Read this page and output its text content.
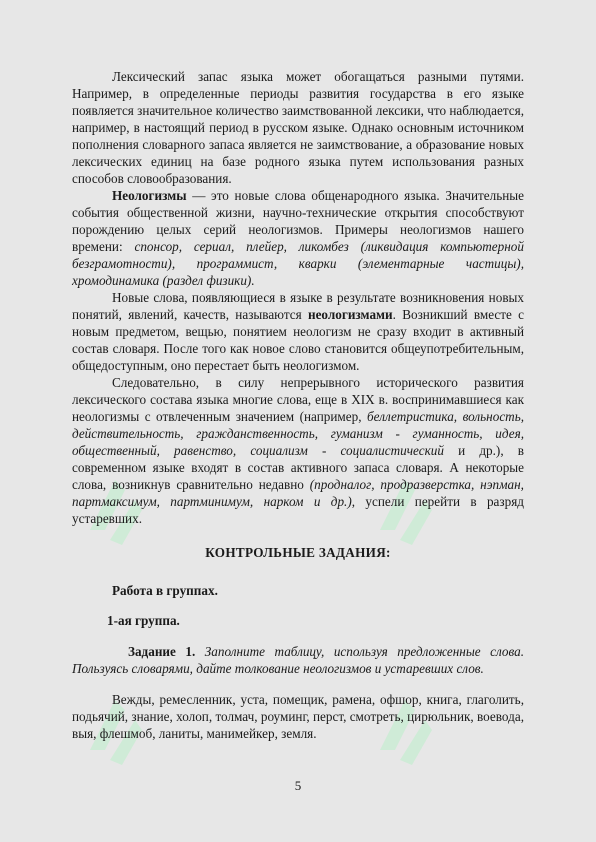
Лексический запас языка может обогащаться разными путями. Например, в определенные периоды развития государства в его языке появляется значительное количество заимствованной лексики, что наблюдается, например, в настоящий период в русском языке. Однако основным источником пополнения словарного запаса является не заимствование, а образование новых лексических единиц на базе родного языка путем использования разных способов словообразования.

Неологизмы — это новые слова общенародного языка. Значительные события общественной жизни, научно-технические открытия способствуют порождению целых серий неологизмов. Примеры неологизмов нашего времени: спонсор, сериал, плейер, ликомбез (ликвидация компьютерной безграмотности), программист, кварки (элементарные частицы), хромодинамика (раздел физики).

Новые слова, появляющиеся в языке в результате возникновения новых понятий, явлений, качеств, называются неологизмами. Возникший вместе с новым предметом, вещью, понятием неологизм не сразу входит в активный состав словаря. После того как новое слово становится общеупотребительным, общедоступным, оно перестает быть неологизмом.

Следовательно, в силу непрерывного исторического развития лексического состава языка многие слова, еще в XIX в. воспринимавшиеся как неологизмы с отвлеченным значением (например, беллетристика, вольность, действительность, гражданственность, гуманизм - гуманность, идея, общественный, равенство, социализм - социалистический и др.), в современном языке входят в состав активного запаса словаря. А некоторые слова, возникнув сравнительно недавно (продналог, продразверстка, нэпман, партмаксимум, партминимум, нарком и др.), успели перейти в разряд устаревших.

КОНТРОЛЬНЫЕ ЗАДАНИЯ:

Работа в группах.

1-ая группа.

Задание 1. Заполните таблицу, используя предложенные слова. Пользуясь словарями, дайте толкование неологизмов и устаревших слов.

Вежды, ремесленник, уста, помещик, рамена, офшор, книга, глаголить, подьячий, знание, холоп, толмач, роуминг, перст, смотреть, цирюльник, воевода, выя, флешмоб, ланиты, манимейкер, земля.

5
